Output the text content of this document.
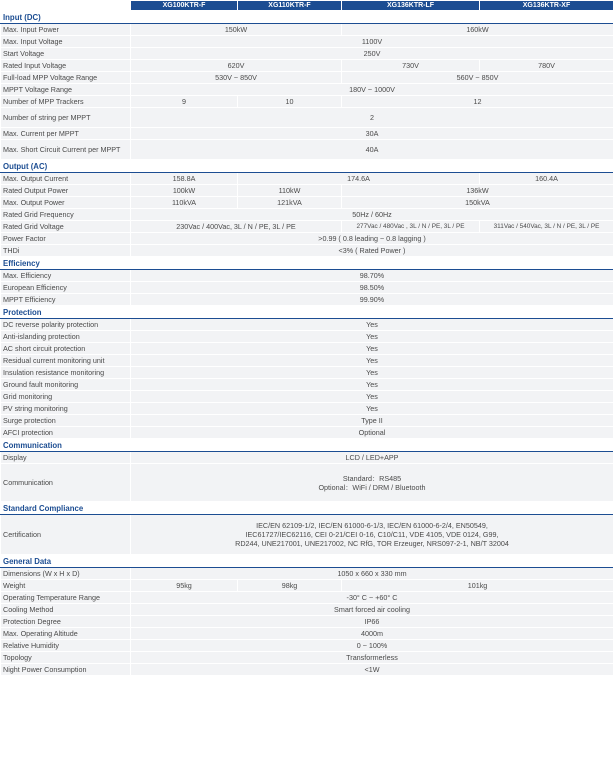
	XG100KTR-F	XG110KTR-F	XG136KTR-LF	XG136KTR-XF
Input (DC)				
Max. Input Power	150kW		160kW	
Max. Input Voltage	1100V			
Start Voltage	250V			
Rated Input Voltage	620V		730V	780V
Full-load MPP Voltage Range	530V ~ 850V		560V ~ 850V	
MPPT Voltage Range	180V ~ 1000V			
Number of MPP Trackers	9	10	12	
Number of string per MPPT	2			
Max. Current per MPPT	30A			
Max. Short Circuit Current per MPPT	40A			
Output (AC)				
Max. Output Current	158.8A	174.6A		160.4A
Rated Output Power	100kW	110kW	136kW	
Max. Output Power	110kVA	121kVA	150kVA	
Rated Grid Frequency	50Hz / 60Hz			
Rated Grid Voltage	230Vac / 400Vac, 3L / N / PE, 3L / PE		277Vac / 480Vac , 3L / N / PE, 3L / PE	311Vac / 540Vac, 3L / N / PE, 3L / PE
Power Factor	>0.99 ( 0.8 leading ~ 0.8 lagging )			
THDi	<3% ( Rated Power )			
Efficiency				
Max. Efficiency	98.70%			
European Efficiency	98.50%			
MPPT Efficiency	99.90%			
Protection				
DC reverse polarity protection	Yes			
Anti-islanding protection	Yes			
AC short circuit protection	Yes			
Residual current monitoring unit	Yes			
Insulation resistance monitoring	Yes			
Ground fault monitoring	Yes			
Grid monitoring	Yes			
PV string monitoring	Yes			
Surge protection	Type II			
AFCI protection	Optional			
Communication				
Display	LCD / LED+APP			
Communication	Standard：RS485
Optional：WiFi / DRM / Bluetooth			
Standard Compliance				
Certification	IEC/EN 62109-1/2, IEC/EN 61000-6-1/3, IEC/EN 61000-6-2/4, EN50549,
IEC61727/IEC62116, CEI 0-21/CEI 0-16, C10/C11, VDE 4105, VDE 0124, G99,
RD244, UNE217001, UNE217002, NC RfG, TOR Erzeuger, NRS097-2-1, NB/T 32004			
General Data				
Dimensions (W x H x D)	1050 x 660 x 330 mm			
Weight	95kg	98kg	101kg	
Operating Temperature Range	-30° C ~ +60° C			
Cooling Method	Smart forced air cooling			
Protection Degree	IP66			
Max. Operating Altitude	4000m			
Relative Humidity	0 ~ 100%			
Topology	Transformerless			
Night Power Consumption	<1W			
